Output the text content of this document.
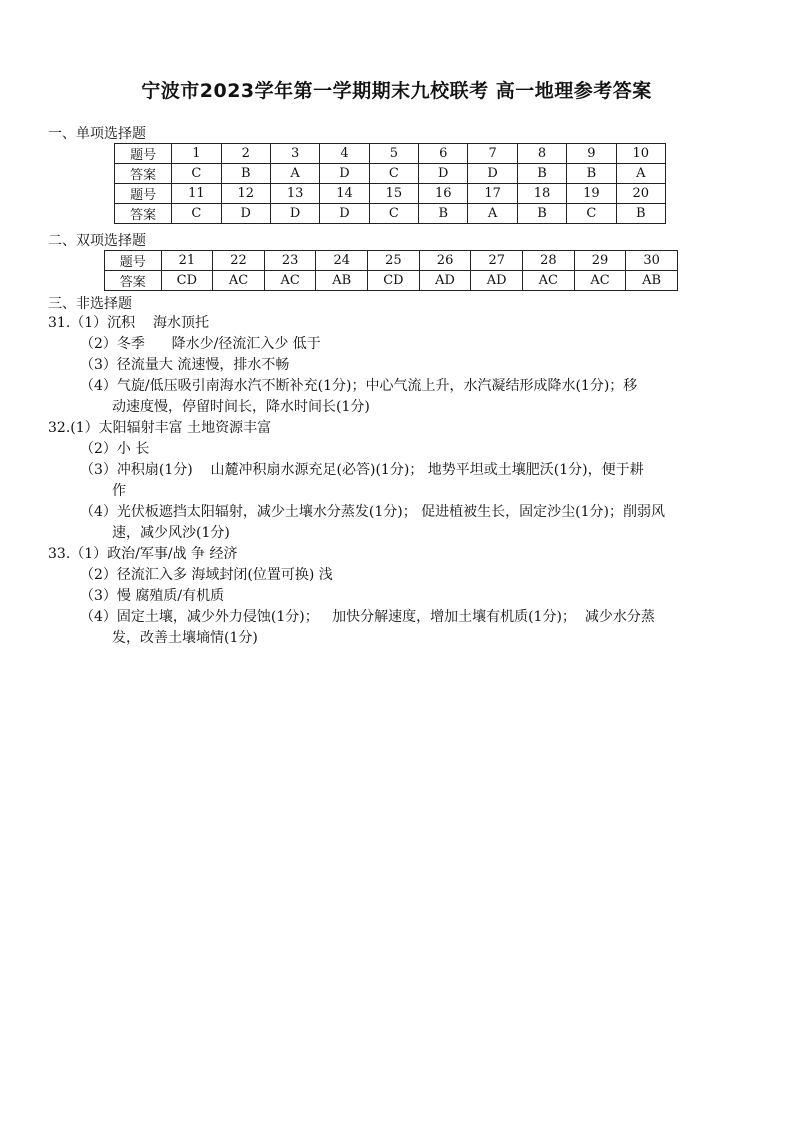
宁波市2023学年第一学期期末九校联考 高一地理参考答案
一、单项选择题
题号	1	2	3	4	5	6	7	8	9	10
答案	C	B	A	D	C	D	D	B	B	A
题号	11	12	13	14	15	16	17	18	19	20
答案	C	D	D	D	C	B	A	B	C	B
二、双项选择题
题号	21	22	23	24	25	26	27	28	29	30
答案	CD	AC	AC	AB	CD	AD	AD	AC	AC	AB
三、非选择题
31.（1）沉积    海水顶托
（2）冬季      降水少/径流汇入少 低于
（3）径流量大 流速慢，排水不畅
（4）气旋/低压吸引南海水汽不断补充(1分)；中心气流上升，水汽凝结形成降水(1分)；移
动速度慢，停留时间长，降水时间长(1分)
32.(1）太阳辐射丰富 土地资源丰富
（2）小 长
（3）冲积扇(1分)    山麓冲积扇水源充足(必答)(1分)； 地势平坦或土壤肥沃(1分)，便于耕
作
（4）光伏板遮挡太阳辐射，减少土壤水分蒸发(1分)； 促进植被生长，固定沙尘(1分)；削弱风
速，减少风沙(1分)
33.（1）政治/军事/战 争 经济
（2）径流汇入多 海域封闭(位置可换) 浅
（3）慢 腐殖质/有机质
（4）固定土壤，减少外力侵蚀(1分)；   加快分解速度，增加土壤有机质(1分)；  减少水分蒸
发，改善土壤墒情(1分)
